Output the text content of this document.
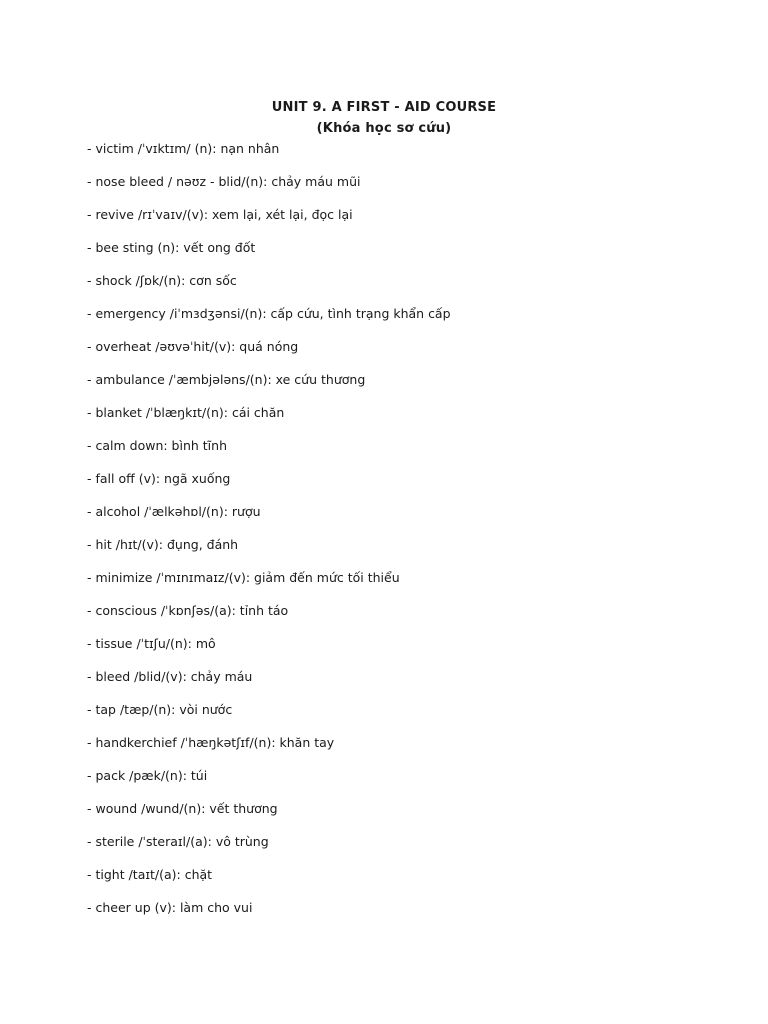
UNIT 9. A FIRST - AID COURSE
(Khóa học sơ cứu)
- victim /ˈvɪktɪm/ (n): nạn nhân
- nose bleed / nəʊz - blid/(n): chảy máu mũi
- revive /rɪˈvaɪv/(v): xem lại, xét lại, đọc lại
- bee sting (n): vết ong đốt
- shock /ʃɒk/(n): cơn sốc
- emergency /iˈmɜdʒənsi/(n): cấp cứu, tình trạng khẩn cấp
- overheat /əʊvəˈhit/(v): quá nóng
- ambulance /ˈæmbjələns/(n): xe cứu thương
- blanket /ˈblæŋkɪt/(n): cái chăn
- calm down: bình tĩnh
- fall off (v): ngã xuống
- alcohol /ˈælkəhɒl/(n): rượu
- hit /hɪt/(v): đụng, đánh
- minimize /ˈmɪnɪmaɪz/(v): giảm đến mức tối thiểu
- conscious /ˈkɒnʃəs/(a): tỉnh táo
- tissue /ˈtɪʃu/(n): mô
- bleed /blid/(v): chảy máu
- tap /tæp/(n): vòi nước
- handkerchief /ˈhæŋkətʃɪf/(n): khăn tay
- pack /pæk/(n): túi
- wound /wund/(n): vết thương
- sterile /ˈsteraɪl/(a): vô trùng
- tight /taɪt/(a): chặt
- cheer up (v): làm cho vui
